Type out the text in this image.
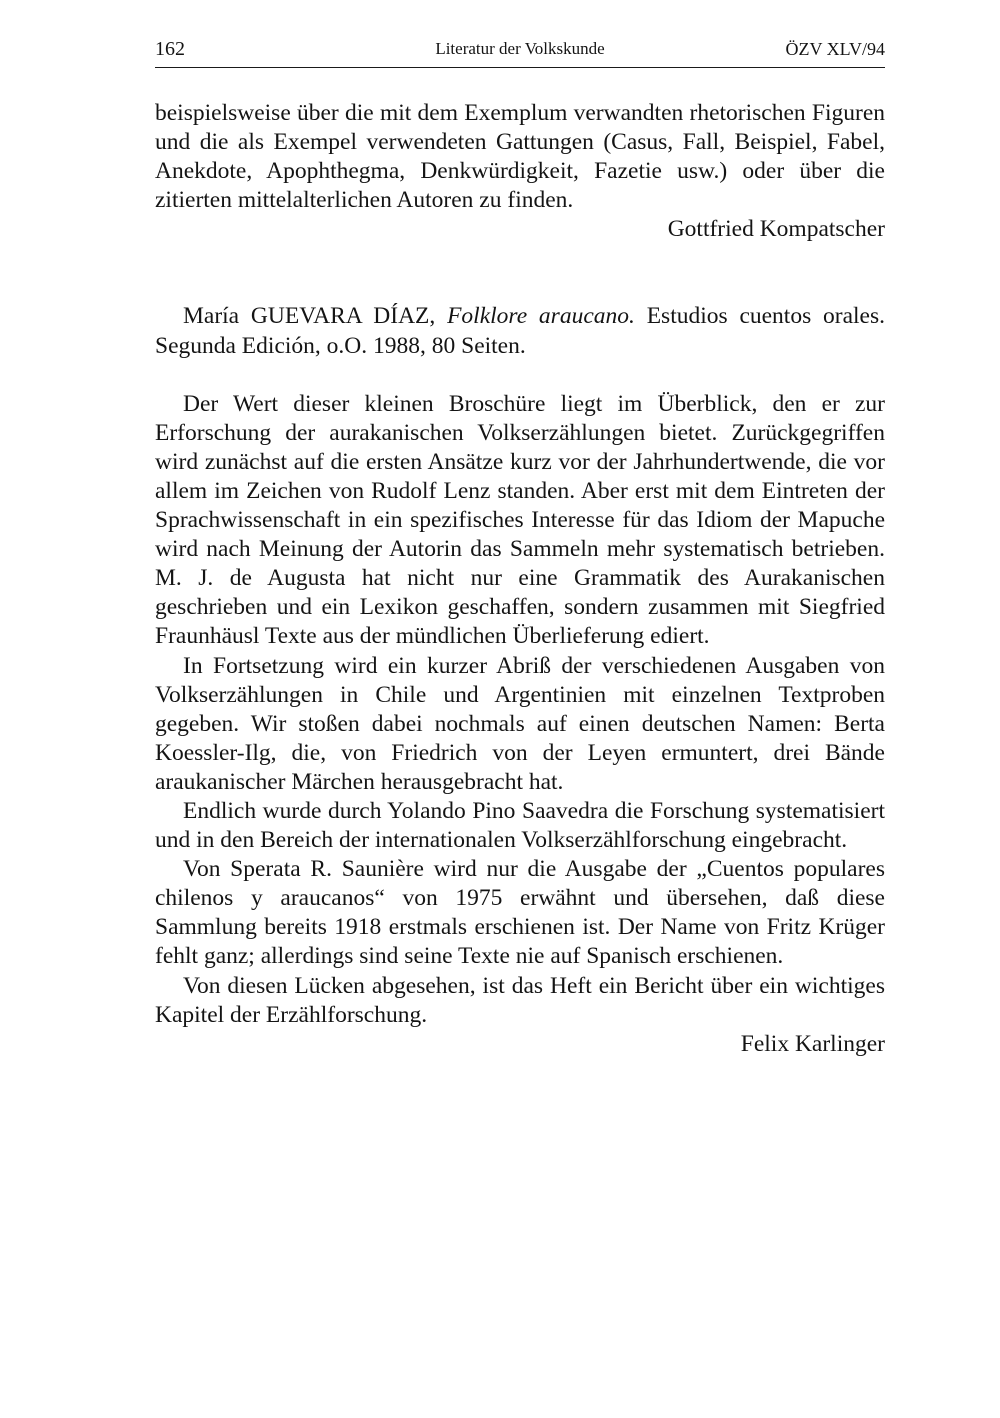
162	Literatur der Volkskunde	ÖZV XLV/94

beispielsweise über die mit dem Exemplum verwandten rhetorischen Figuren und die als Exempel verwendeten Gattungen (Casus, Fall, Beispiel, Fabel, Anekdote, Apophthegma, Denkwürdigkeit, Fazetie usw.) oder über die zitierten mittelalterlichen Autoren zu finden.

Gottfried Kompatscher

María GUEVARA DÍAZ, Folklore araucano. Estudios cuentos orales. Segunda Edición, o.O. 1988, 80 Seiten.

Der Wert dieser kleinen Broschüre liegt im Überblick, den er zur Erforschung der aurakanischen Volkserzählungen bietet. Zurückgegriffen wird zunächst auf die ersten Ansätze kurz vor der Jahrhundertwende, die vor allem im Zeichen von Rudolf Lenz standen. Aber erst mit dem Eintreten der Sprachwissenschaft in ein spezifisches Interesse für das Idiom der Mapuche wird nach Meinung der Autorin das Sammeln mehr systematisch betrieben. M. J. de Augusta hat nicht nur eine Grammatik des Aurakanischen geschrieben und ein Lexikon geschaffen, sondern zusammen mit Siegfried Fraunhäusl Texte aus der mündlichen Überlieferung ediert.

In Fortsetzung wird ein kurzer Abriß der verschiedenen Ausgaben von Volkserzählungen in Chile und Argentinien mit einzelnen Textproben gegeben. Wir stoßen dabei nochmals auf einen deutschen Namen: Berta Koessler-Ilg, die, von Friedrich von der Leyen ermuntert, drei Bände araukanischer Märchen herausgebracht hat.

Endlich wurde durch Yolando Pino Saavedra die Forschung systematisiert und in den Bereich der internationalen Volkserzählforschung eingebracht.

Von Sperata R. Saunière wird nur die Ausgabe der „Cuentos populares chilenos y araucanos“ von 1975 erwähnt und übersehen, daß diese Sammlung bereits 1918 erstmals erschienen ist. Der Name von Fritz Krüger fehlt ganz; allerdings sind seine Texte nie auf Spanisch erschienen.

Von diesen Lücken abgesehen, ist das Heft ein Bericht über ein wichtiges Kapitel der Erzählforschung.

Felix Karlinger
